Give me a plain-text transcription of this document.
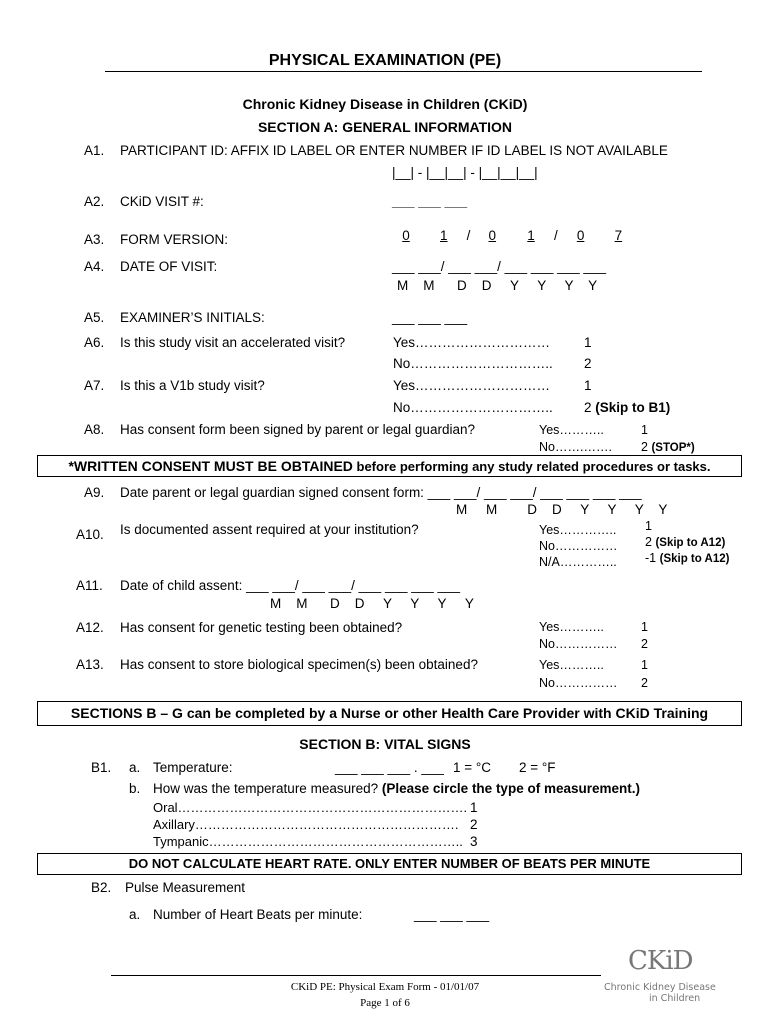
PHYSICAL EXAMINATION (PE)
Chronic Kidney Disease in Children (CKiD)
SECTION A: GENERAL INFORMATION
A1. PARTICIPANT ID: AFFIX ID LABEL OR ENTER NUMBER IF ID LABEL IS NOT AVAILABLE
|__| - |__|__| - |__|__|__|
A2. CKiD VISIT #:	___ ___ ___
A3. FORM VERSION:	0 1 / 0 1 / 0 7
A4. DATE OF VISIT:	___ ___/ ___ ___/ ___ ___ ___ ___
M    M      D    D     Y     Y     Y    Y
A5. EXAMINER’S INITIALS:	___ ___ ___
A6. Is this study visit an accelerated visit?	Yes…………………………	1
No………………………….. 2
A7. Is this a V1b study visit?	Yes…………………………	1
No………………………….. 2 (Skip to B1)
A8. Has consent form been signed by parent or legal guardian?	Yes………..	1
No…….……. 2 (STOP*)
*WRITTEN CONSENT MUST BE OBTAINED before performing any study related procedures or tasks.
A9. Date parent or legal guardian signed consent form: ___ ___/ ___ ___/ ___ ___ ___ ___
M     M        D    D     Y     Y     Y    Y
A10. Is documented assent required at your institution?	Yes………….. 1
No…………… 2 (Skip to A12)
N/A………….. -1 (Skip to A12)
A11. Date of child assent: ___ ___/ ___ ___/ ___ ___ ___ ___
M    M      D    D     Y     Y     Y     Y
A12. Has consent for genetic testing been obtained?	Yes………..	1
No…………… 2
A13. Has consent to store biological specimen(s) been obtained?	Yes………..	1
No…………… 2
SECTIONS B – G can be completed by a Nurse or other Health Care Provider with CKiD Training
SECTION B: VITAL SIGNS
B1. a. Temperature:	___ ___ ___ . ___ 1 = °C 2 = °F
b. How was the temperature measured? (Please circle the type of measurement.)
Oral…………………………………………………………. 1
Axillary……………………………………………………. 2
Tympanic………………………………………………….. 3
DO NOT CALCULATE HEART RATE. ONLY ENTER NUMBER OF BEATS PER MINUTE
B2. Pulse Measurement
a. Number of Heart Beats per minute:	___ ___ ___
CKiD PE: Physical Exam Form - 01/01/07
Page 1 of 6
CKiD
Chronic Kidney Disease
in Children
